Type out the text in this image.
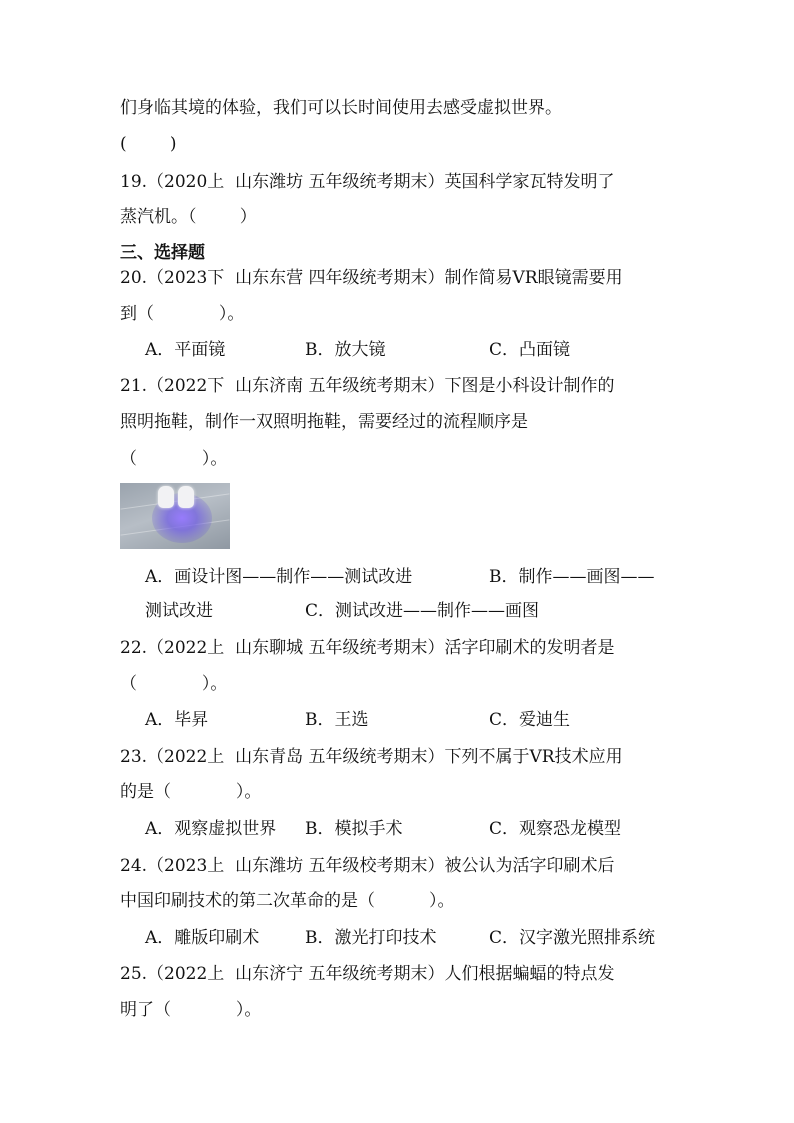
们身临其境的体验，我们可以长时间使用去感受虚拟世界。
(        )
19.（2020上  山东潍坊 五年级统考期末）英国科学家瓦特发明了
蒸汽机。（        ）
三、选择题
20.（2023下  山东东营 四年级统考期末）制作简易VR眼镜需要用
到（            ）。
A．平面镜	B．放大镜	C．凸面镜
21.（2022下  山东济南 五年级统考期末）下图是小科设计制作的
照明拖鞋，制作一双照明拖鞋，需要经过的流程顺序是
（            ）。
A．画设计图——制作——测试改进	B．制作——画图——
测试改进	C．测试改进——制作——画图
22.（2022上  山东聊城 五年级统考期末）活字印刷术的发明者是
（            ）。
A．毕昇	B．王选	C．爱迪生
23.（2022上  山东青岛 五年级统考期末）下列不属于VR技术应用
的是（            ）。
A．观察虚拟世界 B．模拟手术	C．观察恐龙模型
24.（2023上  山东潍坊 五年级校考期末）被公认为活字印刷术后
中国印刷技术的第二次革命的是（          ）。
A．雕版印刷术	B．激光打印技术	C．汉字激光照排系统
25.（2022上  山东济宁 五年级统考期末）人们根据蝙蝠的特点发
明了（            ）。
